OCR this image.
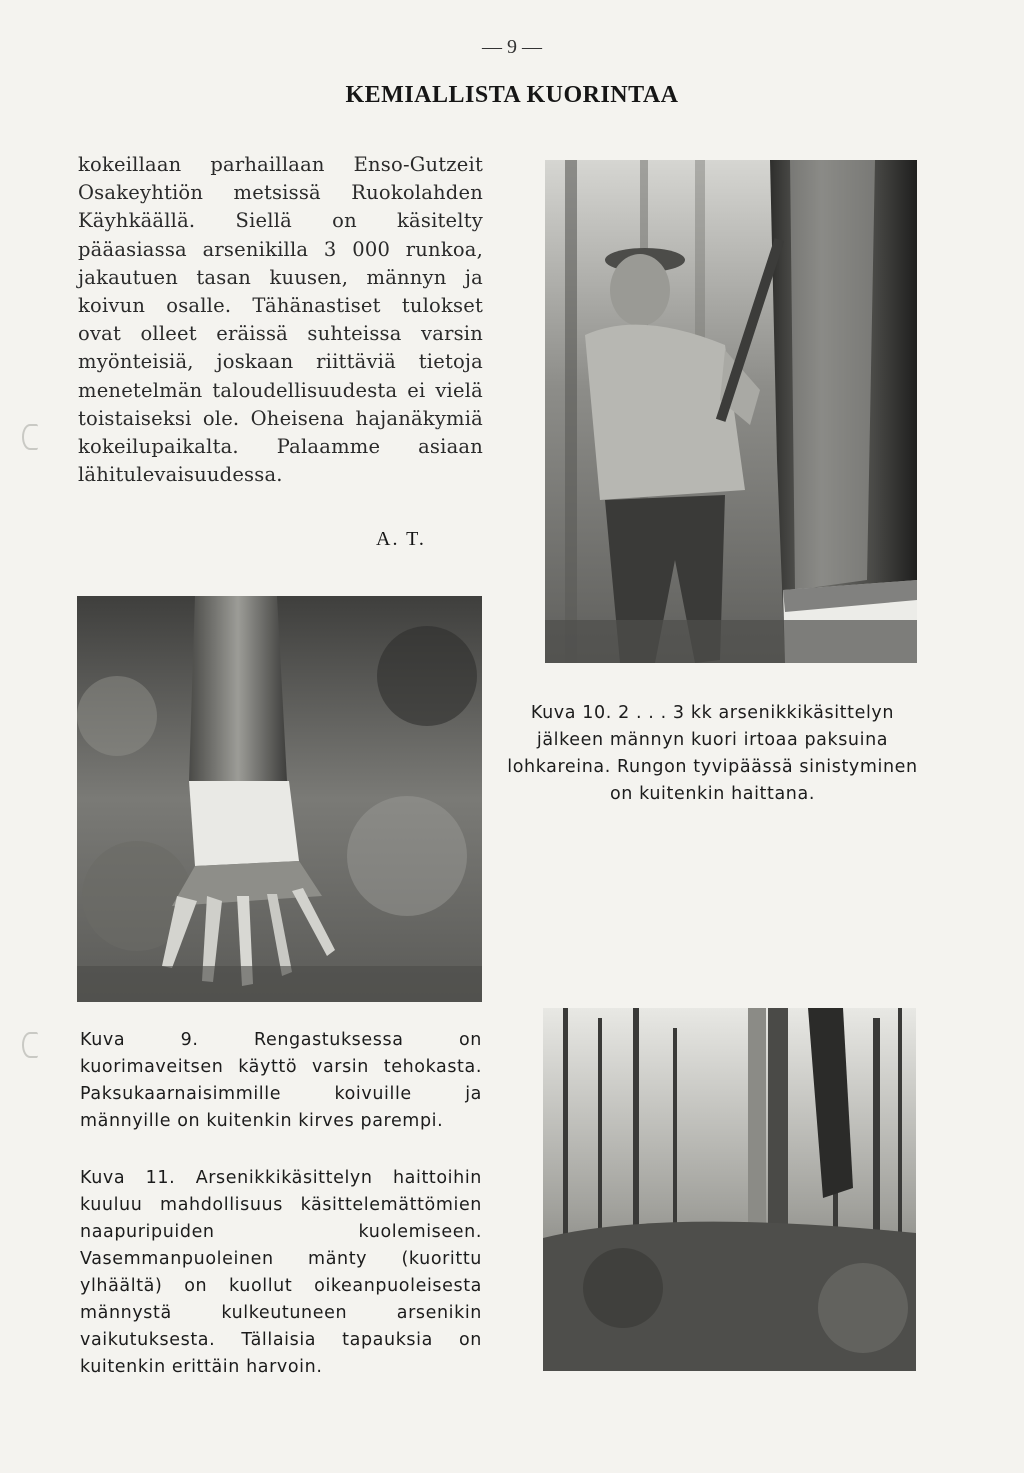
— 9 —
KEMIALLISTA KUORINTAA
kokeillaan parhaillaan Enso-Gutzeit Osakeyhtiön metsissä Ruokolahden Käyhkäällä. Siellä on käsitelty pääasiassa arsenikilla 3 000 runkoa, jakautuen tasan kuusen, männyn ja koivun osalle. Tähänastiset tulokset ovat olleet eräissä suhteissa varsin myönteisiä, joskaan riittäviä tietoja menetelmän taloudellisuudesta ei vielä toistaiseksi ole. Oheisena hajanäkymiä kokeilupaikalta. Palaamme asiaan lähitulevaisuudessa.
A. T.
Kuva 10. 2 . . . 3 kk arsenikkikäsittelyn jälkeen männyn kuori irtoaa paksuina lohkareina. Rungon tyvipäässä sinistyminen on kuitenkin haittana.
Kuva 9.	Rengastuksessa on kuorimaveitsen käyttö varsin tehokasta. Paksukaarnaisimmille koivuille ja männyille on kuitenkin kirves parempi.
Kuva 11. Arsenikkikäsittelyn haittoihin kuuluu mahdollisuus käsittelemättömien naapuripuiden kuolemiseen. Vasemmanpuoleinen mänty (kuorittu ylhäältä) on kuollut oikeanpuoleisesta männystä kulkeutuneen arsenikin vaikutuksesta. Tällaisia tapauksia on kuitenkin erittäin harvoin.
